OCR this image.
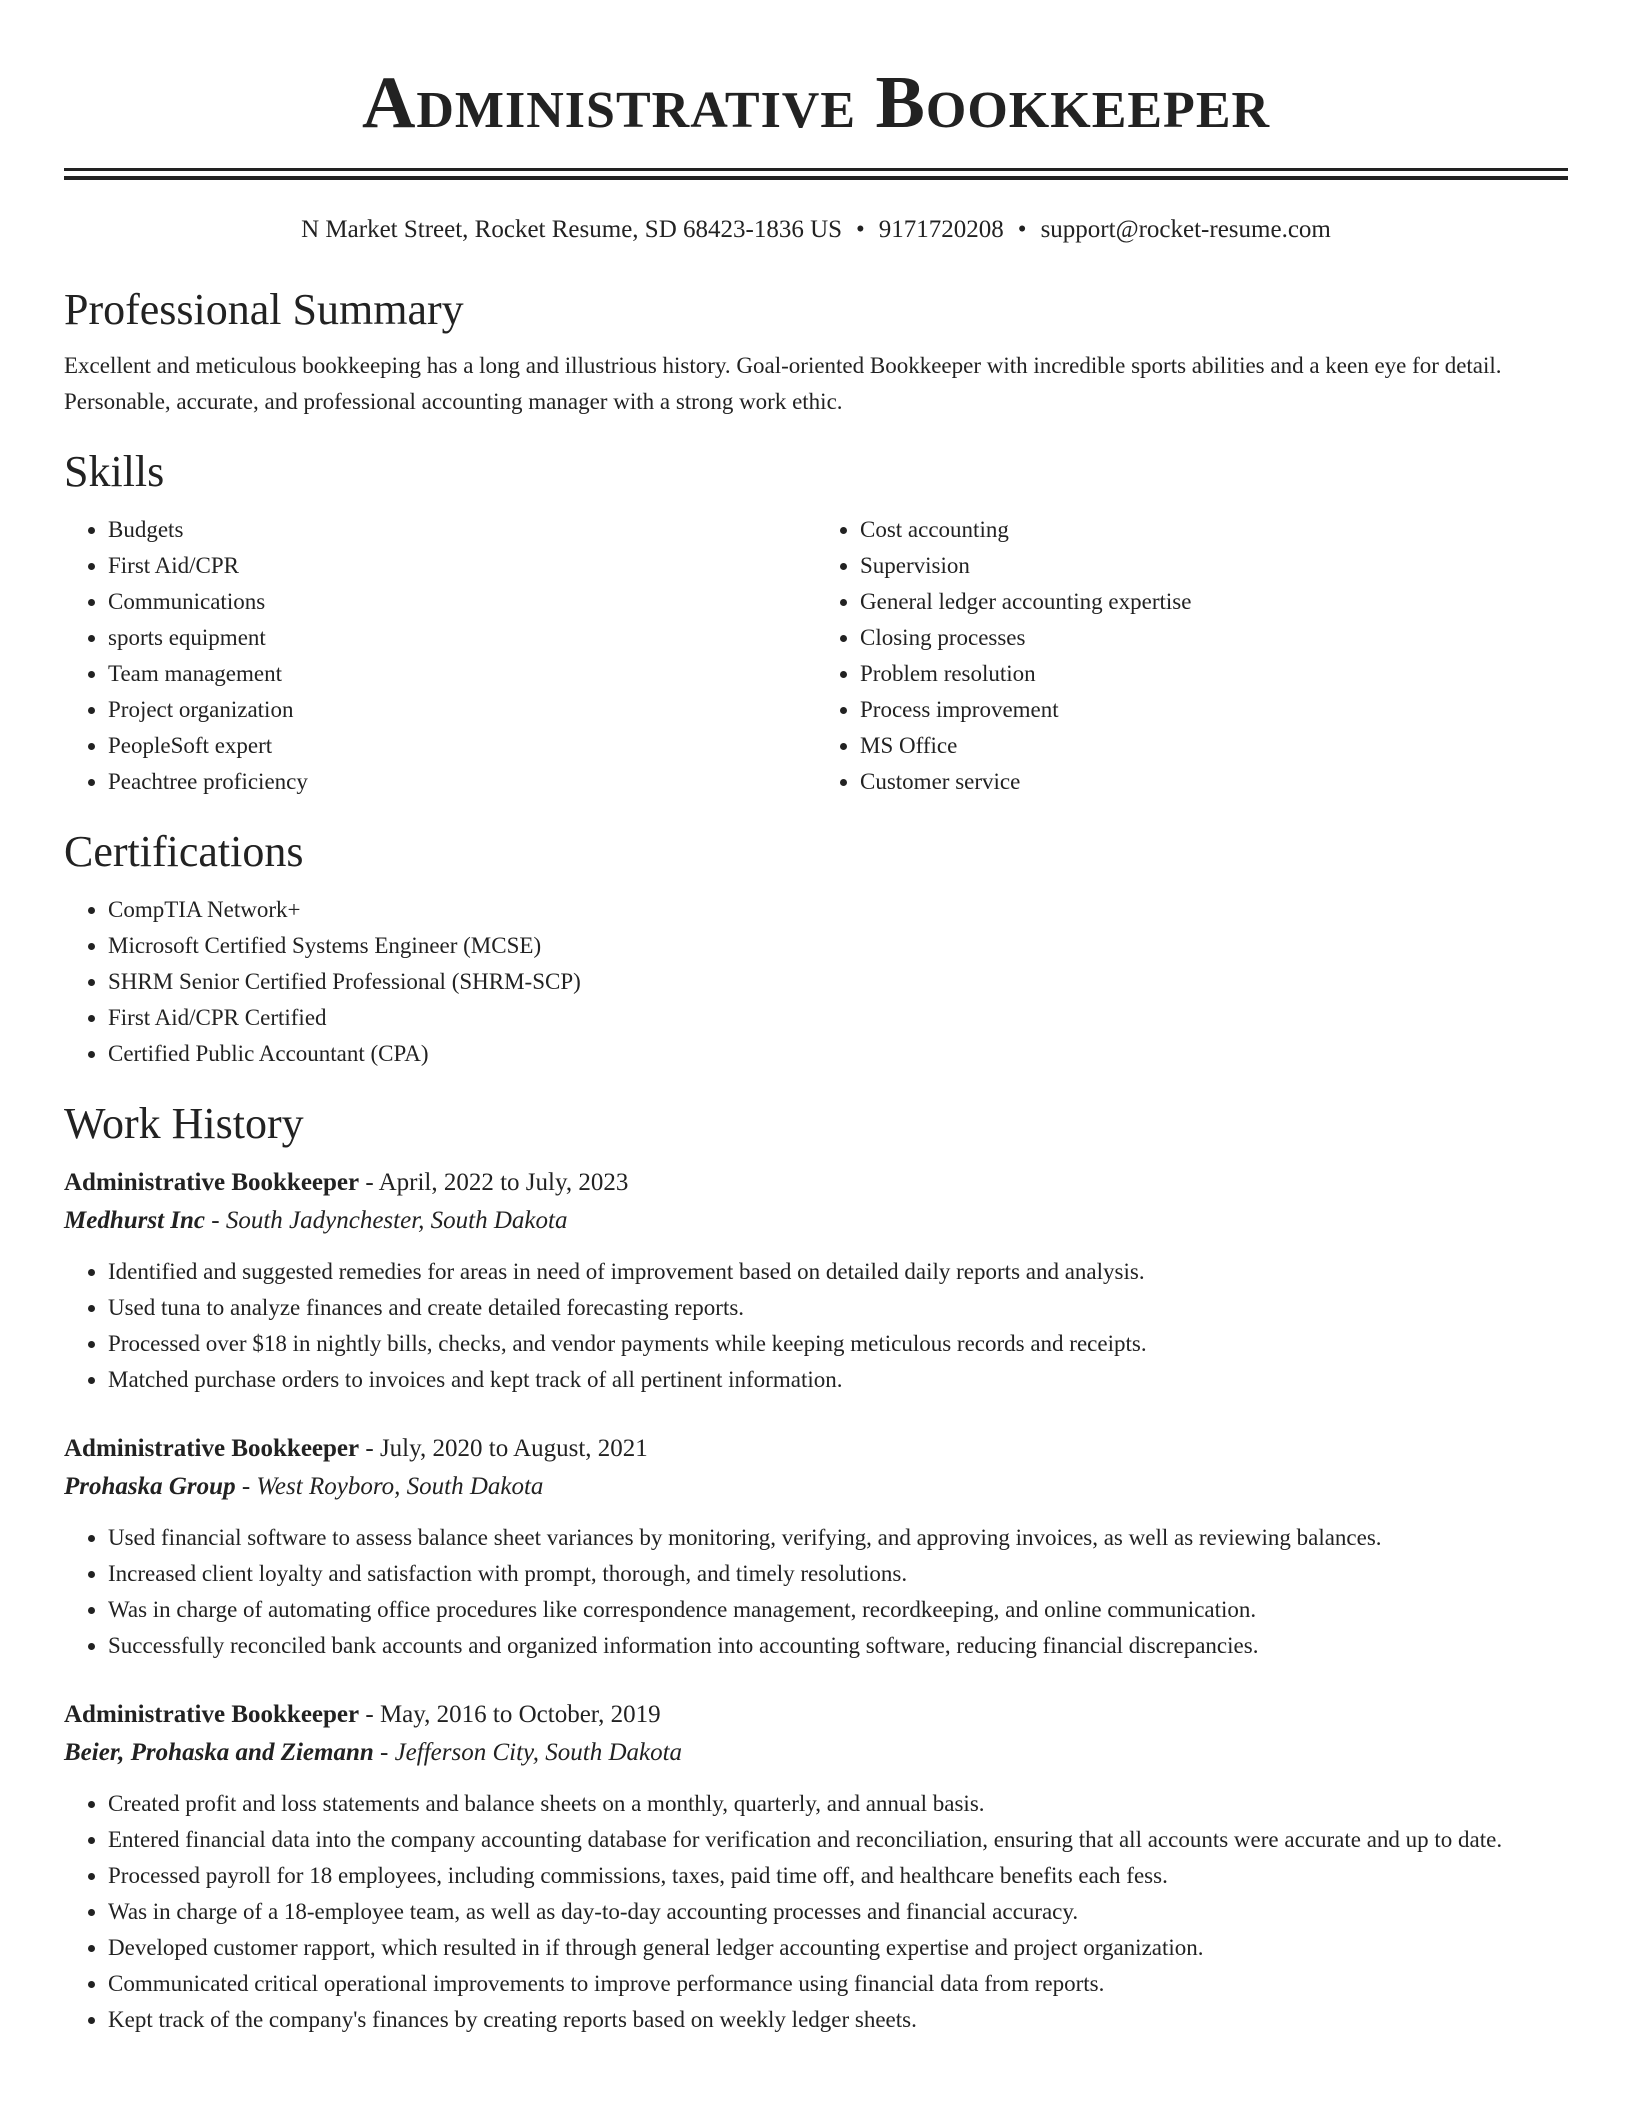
Administrative Bookkeeper
N Market Street, Rocket Resume, SD 68423-1836 US • 9171720208 • support@rocket-resume.com
Professional Summary

Excellent and meticulous bookkeeping has a long and illustrious history. Goal-oriented Bookkeeper with incredible sports abilities and a keen eye for detail. Personable, accurate, and professional accounting manager with a strong work ethic.

Skills
• Budgets
• First Aid/CPR
• Communications
• sports equipment
• Team management
• Project organization
• PeopleSoft expert
• Peachtree proficiency
• Cost accounting
• Supervision
• General ledger accounting expertise
• Closing processes
• Problem resolution
• Process improvement
• MS Office
• Customer service
Certifications
• CompTIA Network+
• Microsoft Certified Systems Engineer (MCSE)
• SHRM Senior Certified Professional (SHRM-SCP)
• First Aid/CPR Certified
• Certified Public Accountant (CPA)
Work History
Administrative Bookkeeper - April, 2022 to July, 2023
Medhurst Inc - South Jadynchester, South Dakota
• Identified and suggested remedies for areas in need of improvement based on detailed daily reports and analysis.
• Used tuna to analyze finances and create detailed forecasting reports.
• Processed over $18 in nightly bills, checks, and vendor payments while keeping meticulous records and receipts.
• Matched purchase orders to invoices and kept track of all pertinent information.
Administrative Bookkeeper - July, 2020 to August, 2021
Prohaska Group - West Royboro, South Dakota
• Used financial software to assess balance sheet variances by monitoring, verifying, and approving invoices, as well as reviewing balances.
• Increased client loyalty and satisfaction with prompt, thorough, and timely resolutions.
• Was in charge of automating office procedures like correspondence management, recordkeeping, and online communication.
• Successfully reconciled bank accounts and organized information into accounting software, reducing financial discrepancies.
Administrative Bookkeeper - May, 2016 to October, 2019
Beier, Prohaska and Ziemann - Jefferson City, South Dakota
• Created profit and loss statements and balance sheets on a monthly, quarterly, and annual basis.
• Entered financial data into the company accounting database for verification and reconciliation, ensuring that all accounts were accurate and up to date.
• Processed payroll for 18 employees, including commissions, taxes, paid time off, and healthcare benefits each fess.
• Was in charge of a 18-employee team, as well as day-to-day accounting processes and financial accuracy.
• Developed customer rapport, which resulted in if through general ledger accounting expertise and project organization.
• Communicated critical operational improvements to improve performance using financial data from reports.
• Kept track of the company's finances by creating reports based on weekly ledger sheets.
